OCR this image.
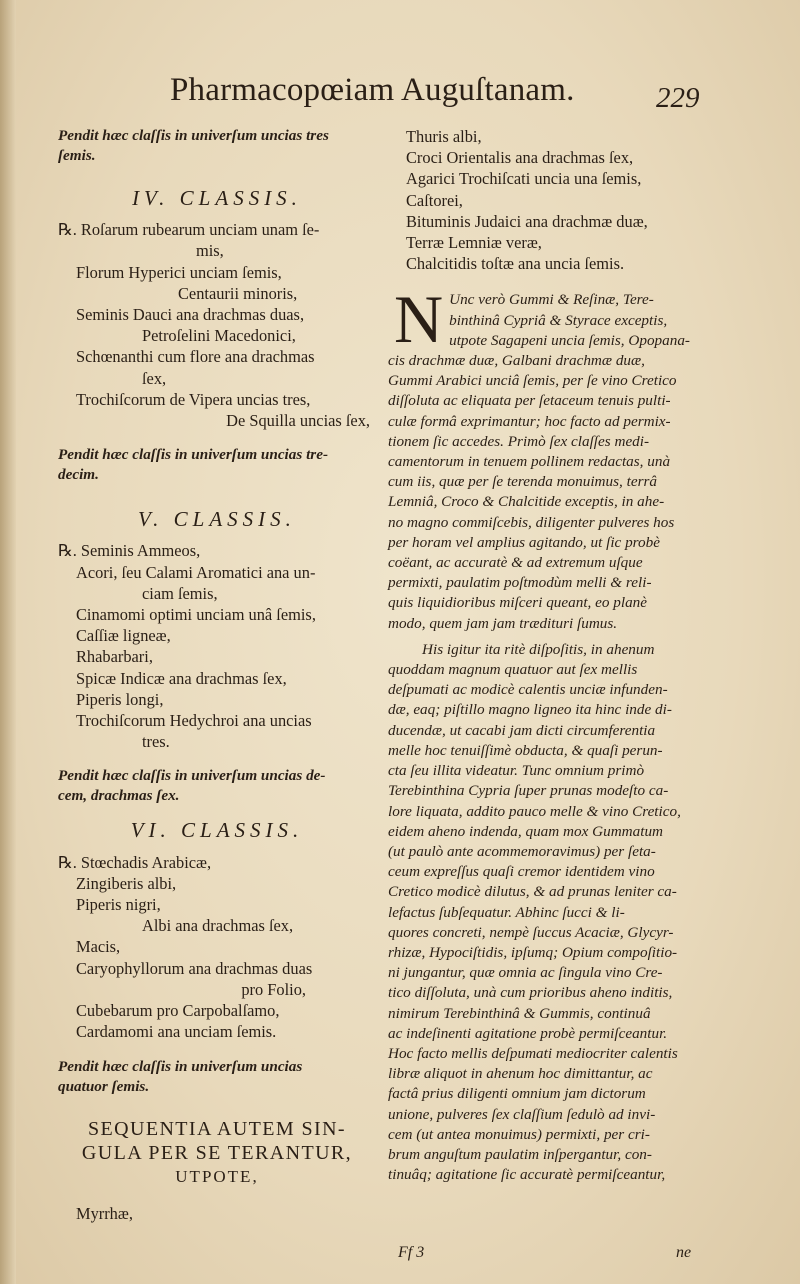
Pharmacopœiam Auguſtanam.	229
Pendit hæc claſſis in univerſum uncias tres
ſemis.
IV. CLASSIS.
℞. Roſarum rubearum unciam unam ſe-
mis,
Florum Hyperici unciam ſemis,
Centaurii minoris,
Seminis Dauci ana drachmas duas,
Petroſelini Macedonici,
Schœnanthi cum flore ana drachmas
ſex,
Trochiſcorum de Vipera uncias tres,
De Squilla uncias ſex,
Pendit hæc claſſis in univerſum uncias tre-
decim.
V. CLASSIS.
℞. Seminis Ammeos,
Acori, ſeu Calami Aromatici ana un-
ciam ſemis,
Cinamomi optimi unciam unâ ſemis,
Caſſiæ ligneæ,
Rhabarbari,
Spicæ Indicæ ana drachmas ſex,
Piperis longi,
Trochiſcorum Hedychroi ana uncias
tres.
Pendit hæc claſſis in univerſum uncias de-
cem, drachmas ſex.
VI. CLASSIS.
℞. Stœchadis Arabicæ,
Zingiberis albi,
Piperis nigri,
Albi ana drachmas ſex,
Macis,
Caryophyllorum ana drachmas duas
pro Folio,
Cubebarum pro Carpobalſamo,
Cardamomi ana unciam ſemis.
Pendit hæc claſſis in univerſum uncias
quatuor ſemis.
SEQUENTIA AUTEM SIN-
GULA PER SE TERANTUR,
UTPOTE,
Myrrhæ,
Thuris albi,
Croci Orientalis ana drachmas ſex,
Agarici Trochiſcati uncia una ſemis,
Caſtorei,
Bituminis Judaici ana drachmæ duæ,
Terræ Lemniæ veræ,
Chalcitidis toſtæ ana uncia ſemis.
N Unc verò Gummi & Reſinæ, Tere-
binthinâ Cypriâ & Styrace exceptis,
utpote Sagapeni uncia ſemis, Opopana-
cis drachmæ duæ, Galbani drachmæ duæ,
Gummi Arabici unciâ ſemis, per ſe vino Cretico
diſſoluta ac eliquata per ſetaceum tenuis pulti-
culæ formâ exprimantur; hoc facto ad permix-
tionem ſic accedes. Primò ſex claſſes medi-
camentorum in tenuem pollinem redactas, unà
cum iis, quæ per ſe terenda monuimus, terrâ
Lemniâ, Croco & Chalcitide exceptis, in ahe-
no magno commiſcebis, diligenter pulveres hos
per horam vel amplius agitando, ut ſic probè
coëant, ac accuratè & ad extremum uſque
permixti, paulatim poſtmodùm melli & reli-
quis liquidioribus miſceri queant, eo planè
modo, quem jam jam trædituri ſumus.
His igitur ita ritè diſpoſitis, in ahenum
quoddam magnum quatuor aut ſex mellis
deſpumati ac modicè calentis unciæ infunden-
dæ, eaq; piſtillo magno ligneo ita hinc inde di-
ducendæ, ut cacabi jam dicti circumferentia
melle hoc tenuiſſimè obducta, & quaſi perun-
cta ſeu illita videatur. Tunc omnium primò
Terebinthina Cypria ſuper prunas modeſto ca-
lore liquata, addito pauco melle & vino Cretico,
eidem aheno indenda, quam mox Gummatum
(ut paulò ante acommemoravimus) per ſeta-
ceum expreſſus quaſi cremor identidem vino
Cretico modicè dilutus, & ad prunas leniter ca-
lefactus ſubſequatur. Abhinc ſucci & li-
quores concreti, nempè ſuccus Acaciæ, Glycyr-
rhizæ, Hypociſtidis, ipſumq; Opium compoſitio-
ni jungantur, quæ omnia ac ſingula vino Cre-
tico diſſoluta, unà cum prioribus aheno inditis,
nimirum Terebinthinâ & Gummis, continuâ
ac indeſinenti agitatione probè permiſceantur.
Hoc facto mellis deſpumati mediocriter calentis
libræ aliquot in ahenum hoc dimittantur, ac
factâ prius diligenti omnium jam dictorum
unione, pulveres ſex claſſium ſedulò ad invi-
cem (ut antea monuimus) permixti, per cri-
brum anguſtum paulatim inſpergantur, con-
tinuâq; agitatione ſic accuratè permiſceantur,
Ff 3	ne
